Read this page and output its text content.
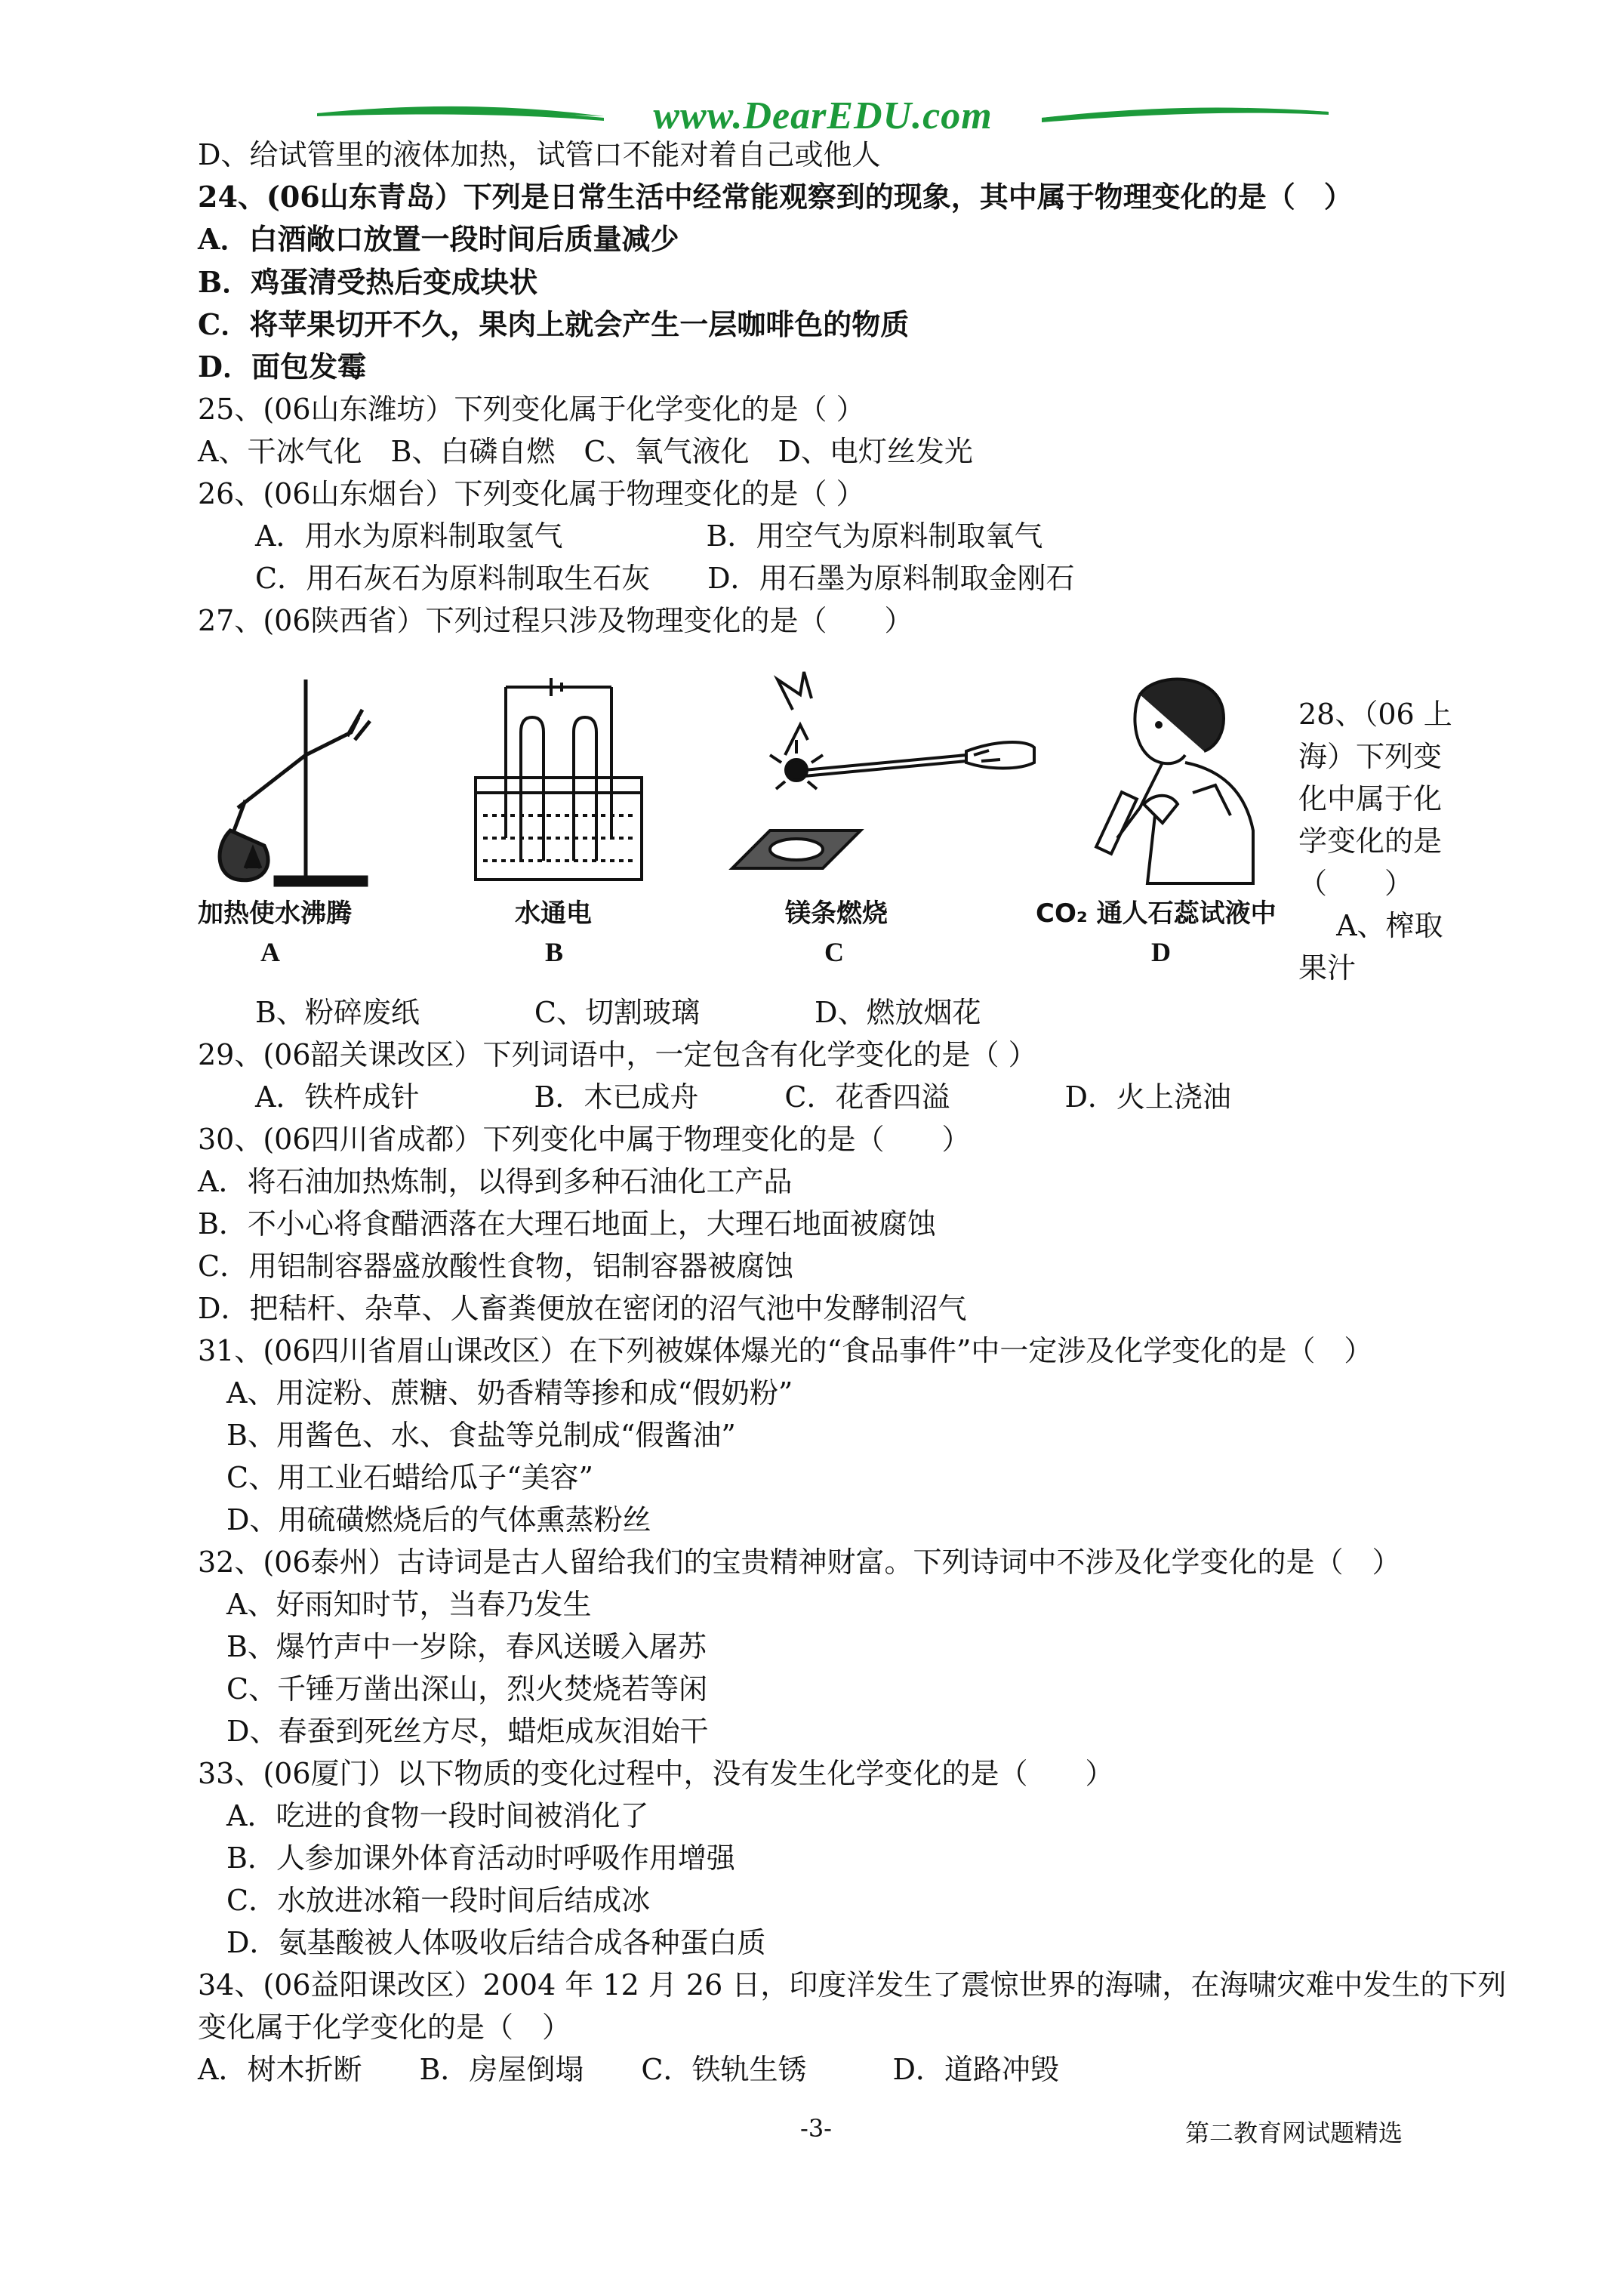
www.DearEDU.com
D、给试管里的液体加热，试管口不能对着自己或他人
24、(06山东青岛）下列是日常生活中经常能观察到的现象，其中属于物理变化的是（　）
A．白酒敞口放置一段时间后质量减少
B．鸡蛋清受热后变成块状
C．将苹果切开不久，果肉上就会产生一层咖啡色的物质
D．面包发霉
25、(06山东潍坊）下列变化属于化学变化的是（ ）
A、干冰气化　B、白磷自燃　C、氧气液化　D、电灯丝发光
26、(06山东烟台）下列变化属于物理变化的是（ ）
　　A．用水为原料制取氢气　　　　　B．用空气为原料制取氧气
　　C．用石灰石为原料制取生石灰　　D．用石墨为原料制取金刚石
27、(06陕西省）下列过程只涉及物理变化的是（　　）
加热使水沸腾
A
水通电
B
镁条燃烧
C
CO₂ 通人石蕊试液中
D
28、（06 上
海）下列变
化中属于化
学变化的是
（　　）
　 A、榨取
果汁
　　B、粉碎废纸　　　　C、切割玻璃　　　　D、燃放烟花
29、(06韶关课改区）下列词语中，一定包含有化学变化的是（ ）
　　A．铁杵成针　　　　B．木已成舟　　　C．花香四溢　　　　D．火上浇油
30、(06四川省成都）下列变化中属于物理变化的是（　　）
A．将石油加热炼制，以得到多种石油化工产品
B．不小心将食醋洒落在大理石地面上，大理石地面被腐蚀
C．用铝制容器盛放酸性食物，铝制容器被腐蚀
D．把秸杆、杂草、人畜粪便放在密闭的沼气池中发酵制沼气
31、(06四川省眉山课改区）在下列被媒体爆光的“食品事件”中一定涉及化学变化的是（　）
　A、用淀粉、蔗糖、奶香精等掺和成“假奶粉”
　B、用酱色、水、食盐等兑制成“假酱油”
　C、用工业石蜡给瓜子“美容”
　D、用硫磺燃烧后的气体熏蒸粉丝
32、(06泰州）古诗词是古人留给我们的宝贵精神财富。下列诗词中不涉及化学变化的是（　）
　A、好雨知时节，当春乃发生
　B、爆竹声中一岁除，春风送暖入屠苏
　C、千锤万凿出深山，烈火焚烧若等闲
　D、春蚕到死丝方尽，蜡炬成灰泪始干
33、(06厦门）以下物质的变化过程中，没有发生化学变化的是（　　）
　A．吃进的食物一段时间被消化了
　B．人参加课外体育活动时呼吸作用增强
　C．水放进冰箱一段时间后结成冰
　D．氨基酸被人体吸收后结合成各种蛋白质
34、(06益阳课改区）2004 年 12 月 26 日，印度洋发生了震惊世界的海啸，在海啸灾难中发生的下列
变化属于化学变化的是（　）
A．树木折断　　B．房屋倒塌　　C．铁轨生锈　　　D．道路冲毁
-3-	第二教育网试题精选
